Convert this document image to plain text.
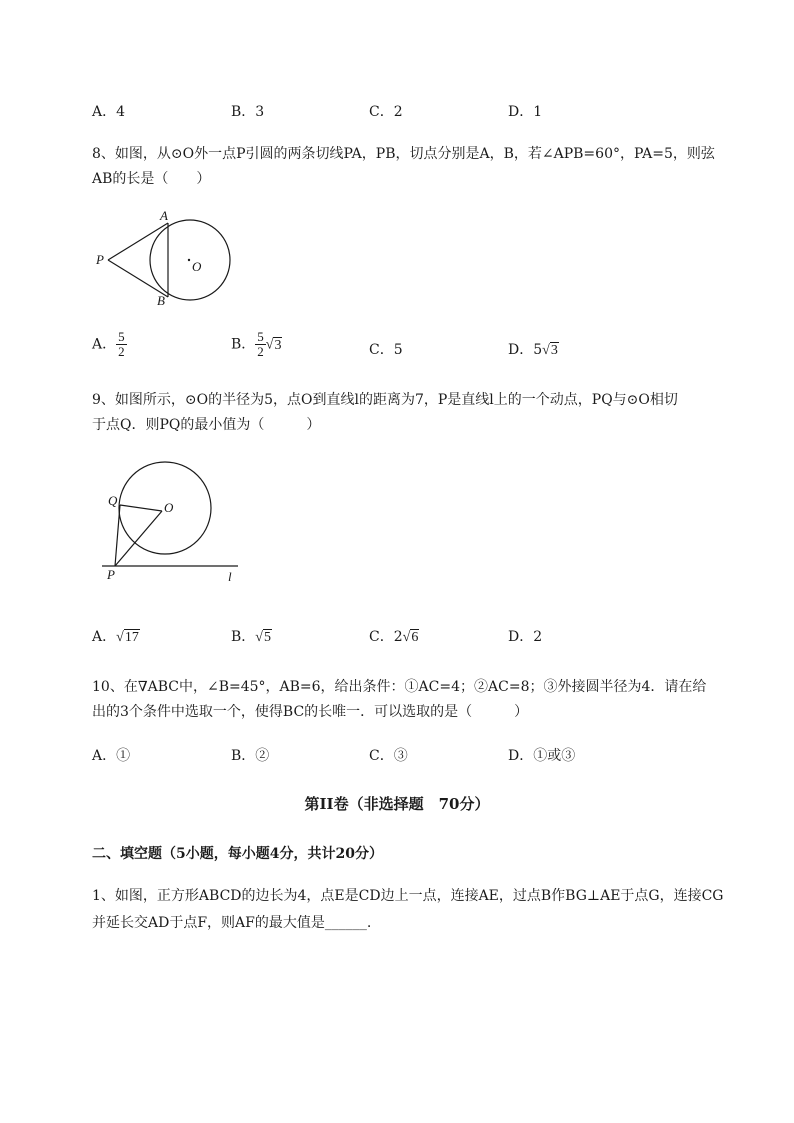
A．4	B．3	C．2	D．1
8、如图，从⊙O外一点P引圆的两条切线PA，PB，切点分别是A，B，若∠APB=60°，PA=5，则弦
AB的长是（　　）
A
B
P	O
A． $\frac{5}{2}$	B． $\frac{5}{2} √3$	C．5	D．5√3
9、如图所示，⊙O的半径为5，点O到直线l的距离为7，P是直线l上的一个动点，PQ与⊙O相切
于点Q．则PQ的最小值为（　　　）
Q	O
P	l
A．√17	B．√5	C．2√6	D．2
10、在∇ABC中，∠B=45°，AB=6，给出条件：①AC=4；②AC=8；③外接圆半径为4．请在给
出的3个条件中选取一个，使得BC的长唯一．可以选取的是（　　　）
A．①	B．②	C．③	D．①或③
第II卷（非选择题　70分）
二、填空题（5小题，每小题4分，共计20分）
1、如图，正方形ABCD的边长为4，点E是CD边上一点，连接AE，过点B作BG⊥AE于点G，连接CG
并延长交AD于点F，则AF的最大值是______.
